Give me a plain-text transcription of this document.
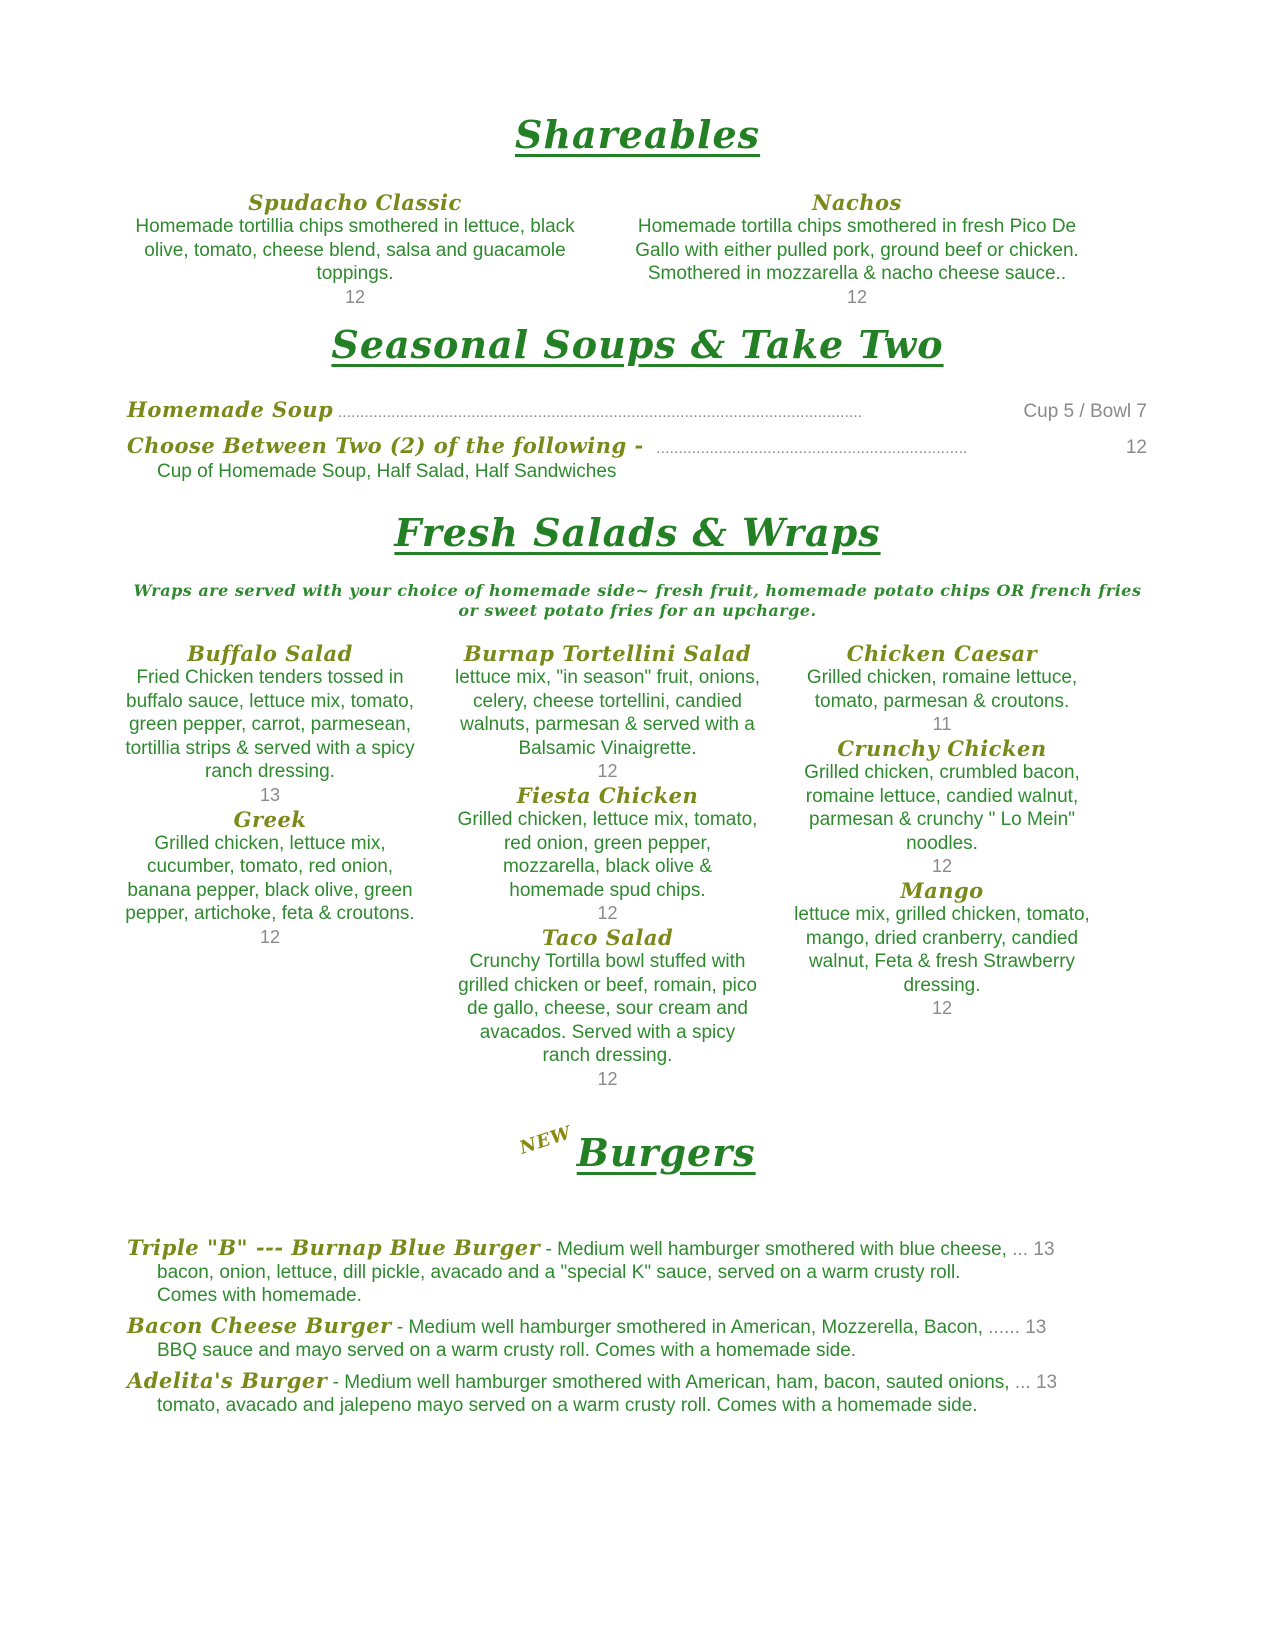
Shareables
Spudacho Classic
Homemade tortillia chips smothered in lettuce, black olive, tomato, cheese blend, salsa and guacamole toppings.
12
Nachos
Homemade tortilla chips smothered in fresh Pico De Gallo with either pulled pork, ground beef or chicken. Smothered in mozzarella & nacho cheese sauce..
12
Seasonal Soups & Take Two
Homemade Soup ......................................................................................................................	Cup 5 / Bowl 7
Choose Between Two (2) of the following - ......................................................................	12
Cup of Homemade Soup, Half Salad, Half Sandwiches
Fresh Salads & Wraps
Wraps are served with your choice of homemade side~ fresh fruit, homemade potato chips OR french fries or sweet potato fries for an upcharge.
Buffalo Salad
Fried Chicken tenders tossed in buffalo sauce, lettuce mix, tomato, green pepper, carrot, parmesean, tortillia strips & served with a spicy ranch dressing.
13
Greek
Grilled chicken, lettuce mix, cucumber, tomato, red onion, banana pepper, black olive, green pepper, artichoke, feta & croutons.
12
Burnap Tortellini Salad
lettuce mix, "in season" fruit, onions, celery, cheese tortellini, candied walnuts, parmesan & served with a Balsamic Vinaigrette.
12
Fiesta Chicken
Grilled chicken, lettuce mix, tomato, red onion, green pepper, mozzarella, black olive & homemade spud chips.
12
Taco Salad
Crunchy Tortilla bowl stuffed with grilled chicken or beef, romain, pico de gallo, cheese, sour cream and avacados. Served with a spicy ranch dressing.
12
Chicken Caesar
Grilled chicken, romaine lettuce, tomato, parmesan & croutons.
11
Crunchy Chicken
Grilled chicken, crumbled bacon, romaine lettuce, candied walnut, parmesan & crunchy " Lo Mein" noodles.
12
Mango
lettuce mix, grilled chicken, tomato, mango, dried cranberry, candied walnut, Feta & fresh Strawberry dressing.
12
NEWBurgers
Triple "B" --- Burnap Blue Burger - Medium well hamburger smothered with blue cheese, ... 13
bacon, onion, lettuce, dill pickle, avacado and a "special K" sauce, served on a warm crusty roll.
Comes with homemade.
Bacon Cheese Burger - Medium well hamburger smothered in American, Mozzerella, Bacon, ...... 13
BBQ sauce and mayo served on a warm crusty roll. Comes with a homemade side.
Adelita's Burger - Medium well hamburger smothered with American, ham, bacon, sauted onions, ... 13
tomato, avacado and jalepeno mayo served on a warm crusty roll. Comes with a homemade side.
